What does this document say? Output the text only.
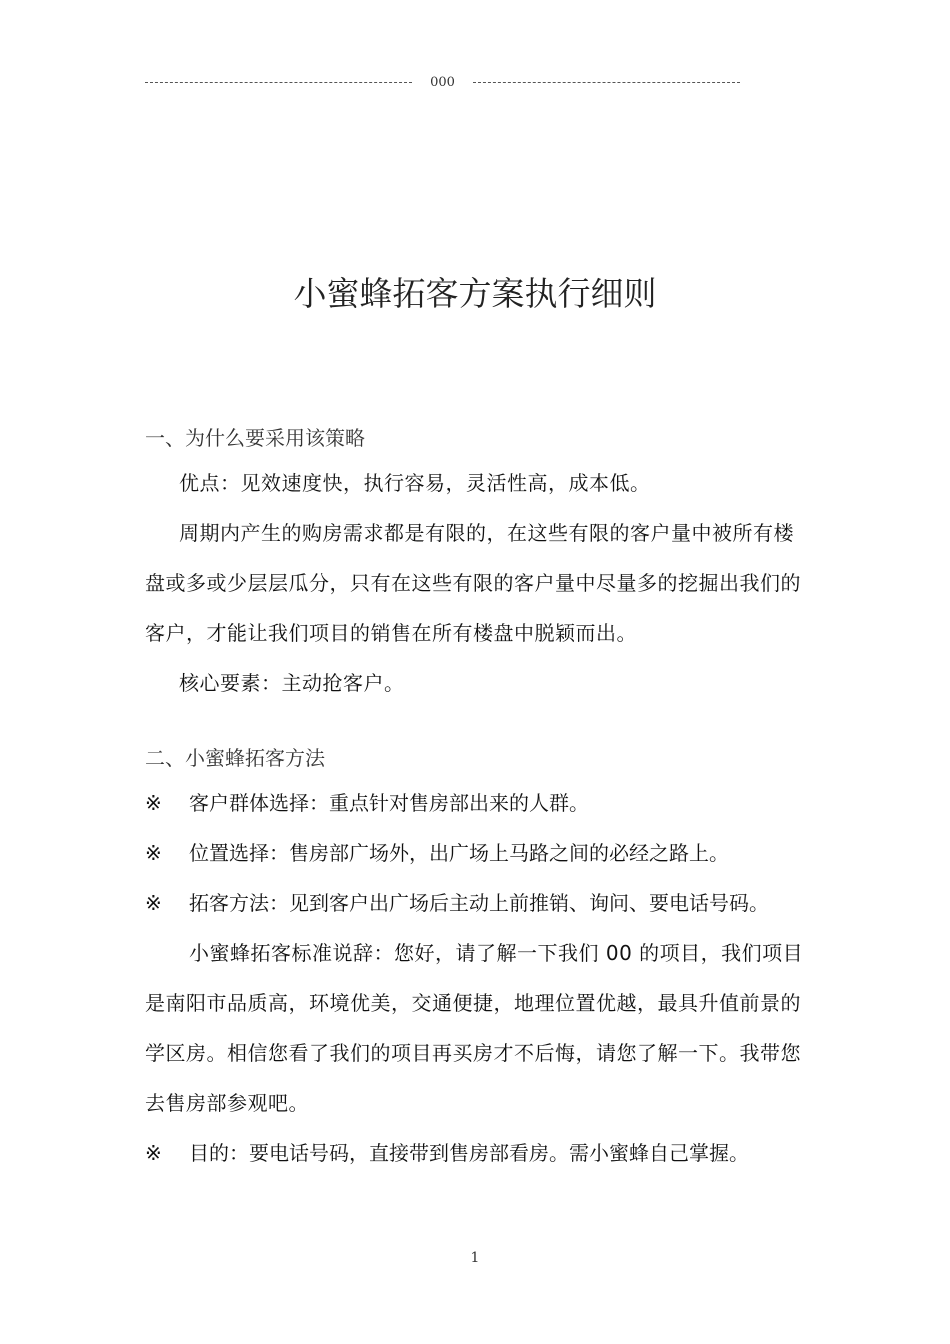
000
小蜜蜂拓客方案执行细则

一、为什么要采用该策略

优点：见效速度快，执行容易，灵活性高，成本低。

周期内产生的购房需求都是有限的，在这些有限的客户量中被所有楼盘或多或少层层瓜分，只有在这些有限的客户量中尽量多的挖掘出我们的客户，才能让我们项目的销售在所有楼盘中脱颖而出。

核心要素：主动抢客户。

二、小蜜蜂拓客方法

※	客户群体选择：重点针对售房部出来的人群。
※	位置选择：售房部广场外，出广场上马路之间的必经之路上。
※	拓客方法：见到客户出广场后主动上前推销、询问、要电话号码。

小蜜蜂拓客标准说辞：您好，请了解一下我们 00 的项目，我们项目是南阳市品质高，环境优美，交通便捷，地理位置优越，最具升值前景的学区房。相信您看了我们的项目再买房才不后悔，请您了解一下。我带您去售房部参观吧。

※	目的：要电话号码，直接带到售房部看房。需小蜜蜂自己掌握。
1
